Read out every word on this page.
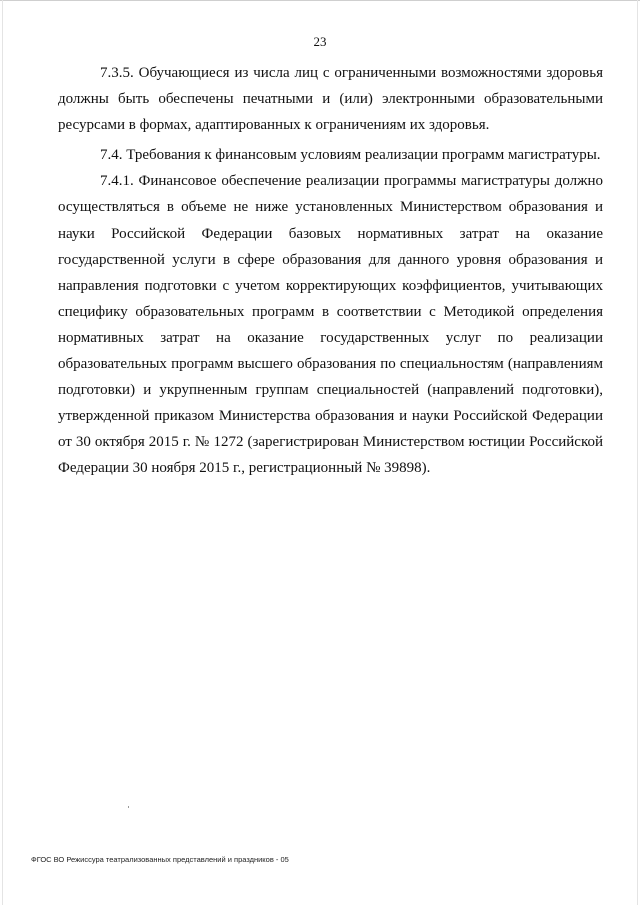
23

7.3.5. Обучающиеся из числа лиц с ограниченными возможностями здоровья должны быть обеспечены печатными и (или) электронными образовательными ресурсами в формах, адаптированных к ограничениям их здоровья.

7.4. Требования к финансовым условиям реализации программ магистратуры.

7.4.1. Финансовое обеспечение реализации программы магистратуры должно осуществляться в объеме не ниже установленных Министерством образования и науки Российской Федерации базовых нормативных затрат на оказание государственной услуги в сфере образования для данного уровня образования и направления подготовки с учетом корректирующих коэффициентов, учитывающих специфику образовательных программ в соответствии с Методикой определения нормативных затрат на оказание государственных услуг по реализации образовательных программ высшего образования по специальностям (направлениям подготовки) и укрупненным группам специальностей (направлений подготовки), утвержденной приказом Министерства образования и науки Российской Федерации от 30 октября 2015 г. № 1272 (зарегистрирован Министерством юстиции Российской Федерации 30 ноября 2015 г., регистрационный № 39898).

ФГОС ВО Режиссура театрализованных представлений и праздников - 05
